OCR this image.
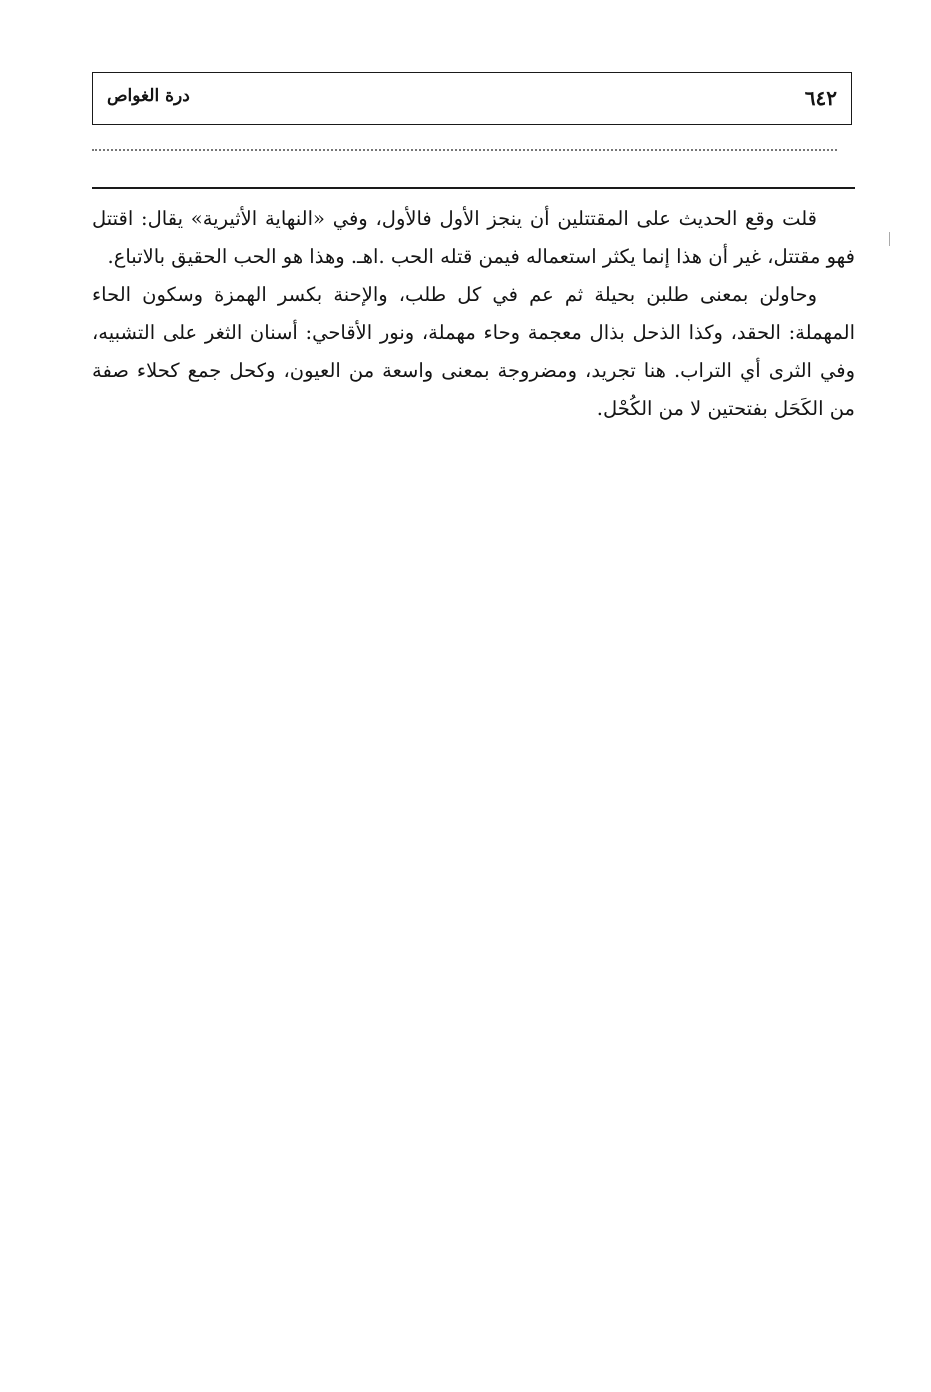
٦٤٢
درة الغواص

قلت وقع الحديث على المقتتلين أن ينجز الأول فالأول، وفي «النهاية الأثيرية» يقال: اقتتل فهو مقتتل، غير أن هذا إنما يكثر استعماله فيمن قتله الحب .اهـ. وهذا هو الحب الحقيق بالاتباع.

وحاولن بمعنى طلبن بحيلة ثم عم في كل طلب، والإحنة بكسر الهمزة وسكون الحاء المهملة: الحقد، وكذا الذحل بذال معجمة وحاء مهملة، ونور الأقاحي: أسنان الثغر على التشبيه، وفي الثرى أي التراب. هنا تجريد، ومضروجة بمعنى واسعة من العيون، وكحل جمع كحلاء صفة من الكَحَل بفتحتين لا من الكُحْل.
